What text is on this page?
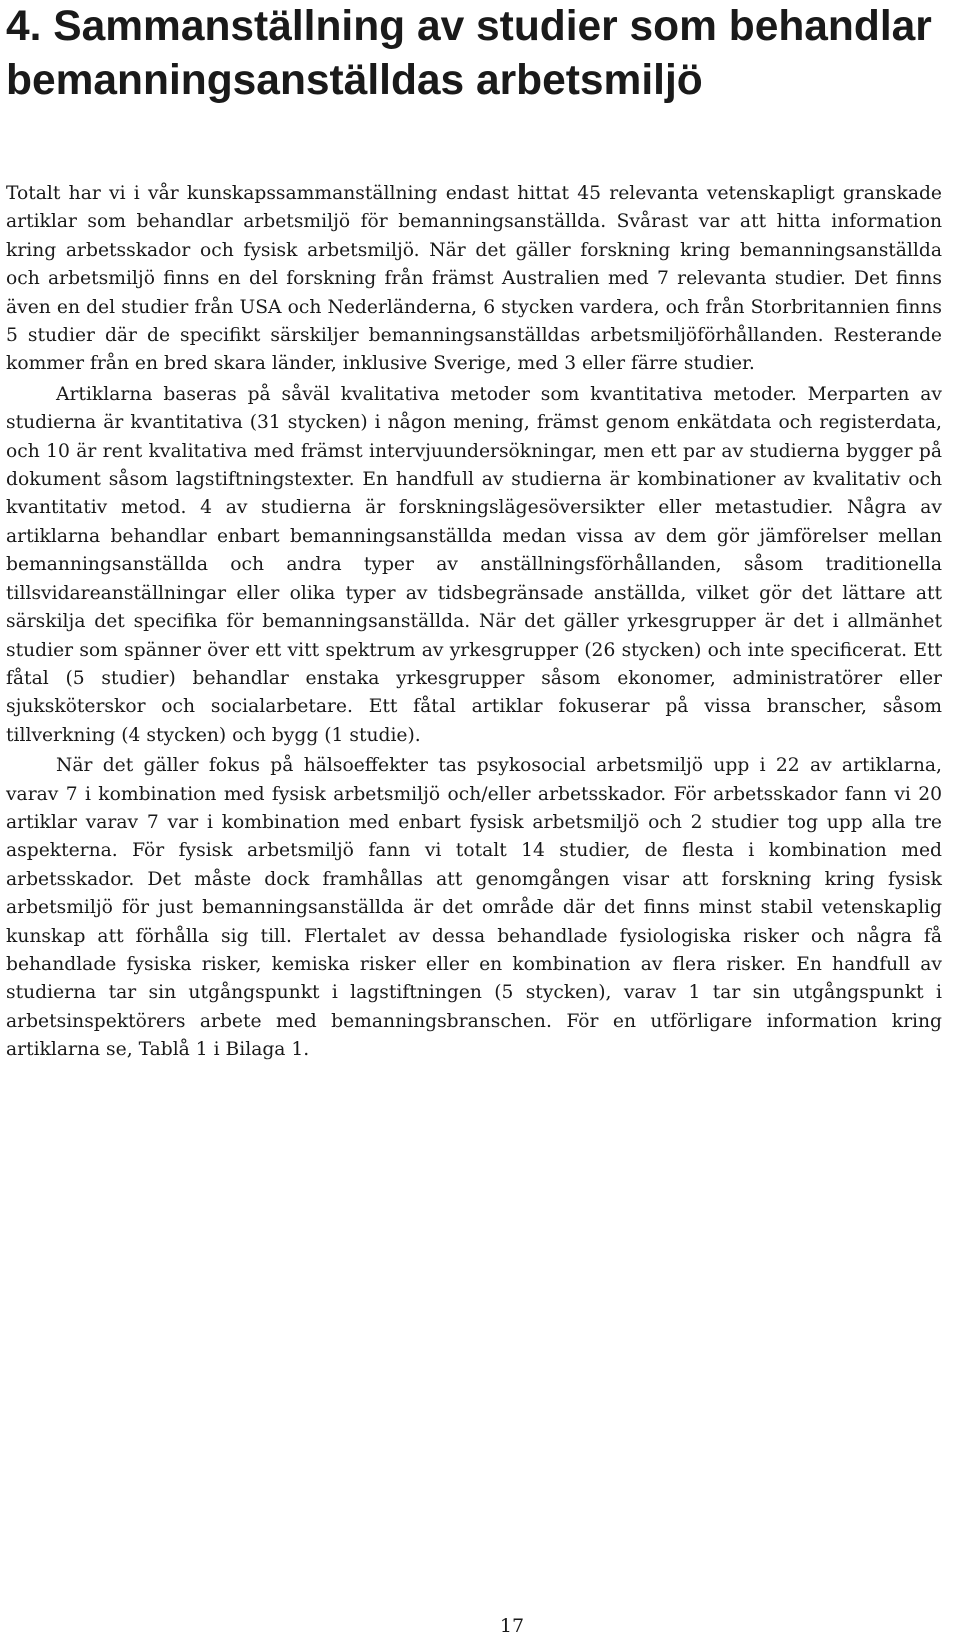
4. Sammanställning av studier som behandlar bemanningsanställdas arbetsmiljö

Totalt har vi i vår kunskapssammanställning endast hittat 45 relevanta vetenskapligt granskade artiklar som behandlar arbetsmiljö för bemanningsanställda. Svårast var att hitta information kring arbetsskador och fysisk arbetsmiljö. När det gäller forskning kring bemanningsanställda och arbetsmiljö finns en del forskning från främst Australien med 7 relevanta studier. Det finns även en del studier från USA och Nederländerna, 6 stycken vardera, och från Storbritannien finns 5 studier där de specifikt särskiljer bemanningsanställdas arbetsmiljöförhållanden. Resterande kommer från en bred skara länder, inklusive Sverige, med 3 eller färre studier.

Artiklarna baseras på såväl kvalitativa metoder som kvantitativa metoder. Merparten av studierna är kvantitativa (31 stycken) i någon mening, främst genom enkätdata och registerdata, och 10 är rent kvalitativa med främst intervjuundersökningar, men ett par av studierna bygger på dokument såsom lagstiftningstexter. En handfull av studierna är kombinationer av kvalitativ och kvantitativ metod. 4 av studierna är forskningslägesöversikter eller metastudier. Några av artiklarna behandlar enbart bemanningsanställda medan vissa av dem gör jämförelser mellan bemanningsanställda och andra typer av anställningsförhållanden, såsom traditionella tillsvidareanställningar eller olika typer av tidsbegränsade anställda, vilket gör det lättare att särskilja det specifika för bemanningsanställda. När det gäller yrkesgrupper är det i allmänhet studier som spänner över ett vitt spektrum av yrkesgrupper (26 stycken) och inte specificerat. Ett fåtal (5 studier) behandlar enstaka yrkesgrupper såsom ekonomer, administratörer eller sjuksköterskor och socialarbetare. Ett fåtal artiklar fokuserar på vissa branscher, såsom tillverkning (4 stycken) och bygg (1 studie).

När det gäller fokus på hälsoeffekter tas psykosocial arbetsmiljö upp i 22 av artiklarna, varav 7 i kombination med fysisk arbetsmiljö och/eller arbetsskador. För arbetsskador fann vi 20 artiklar varav 7 var i kombination med enbart fysisk arbetsmiljö och 2 studier tog upp alla tre aspekterna. För fysisk arbetsmiljö fann vi totalt 14 studier, de flesta i kombination med arbetsskador. Det måste dock framhållas att genomgången visar att forskning kring fysisk arbetsmiljö för just bemanningsanställda är det område där det finns minst stabil vetenskaplig kunskap att förhålla sig till. Flertalet av dessa behandlade fysiologiska risker och några få behandlade fysiska risker, kemiska risker eller en kombination av flera risker. En handfull av studierna tar sin utgångspunkt i lagstiftningen (5 stycken), varav 1 tar sin utgångspunkt i arbetsinspektörers arbete med bemanningsbranschen. För en utförligare information kring artiklarna se, Tablå 1 i Bilaga 1.

17
